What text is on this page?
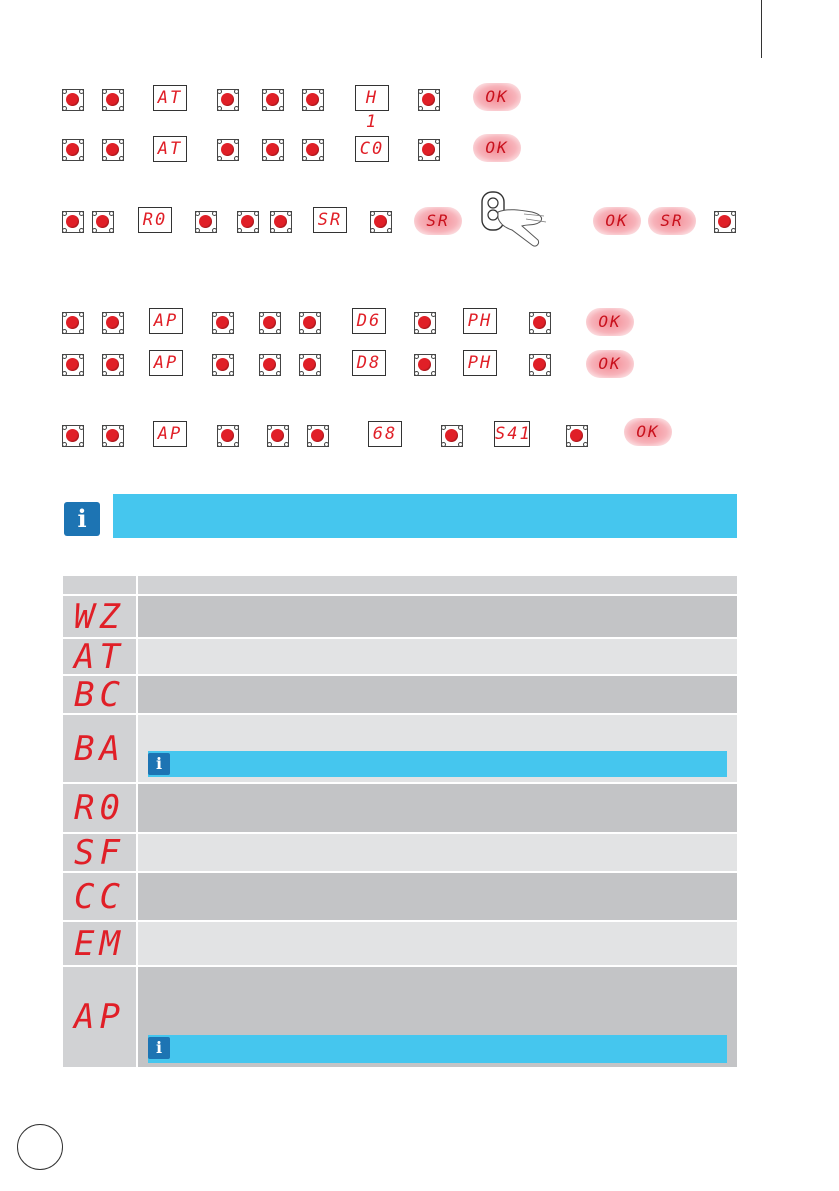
AT	H 1
OK
AT	C0	OK
R0	SR	SR	OK	SR
AP	D6	PH	OK
AP	D8	PH	OK
AP	68	S41	OK
i
WZ
AT
BC
BA	i
R0
SF
CC
EM
AP
i
